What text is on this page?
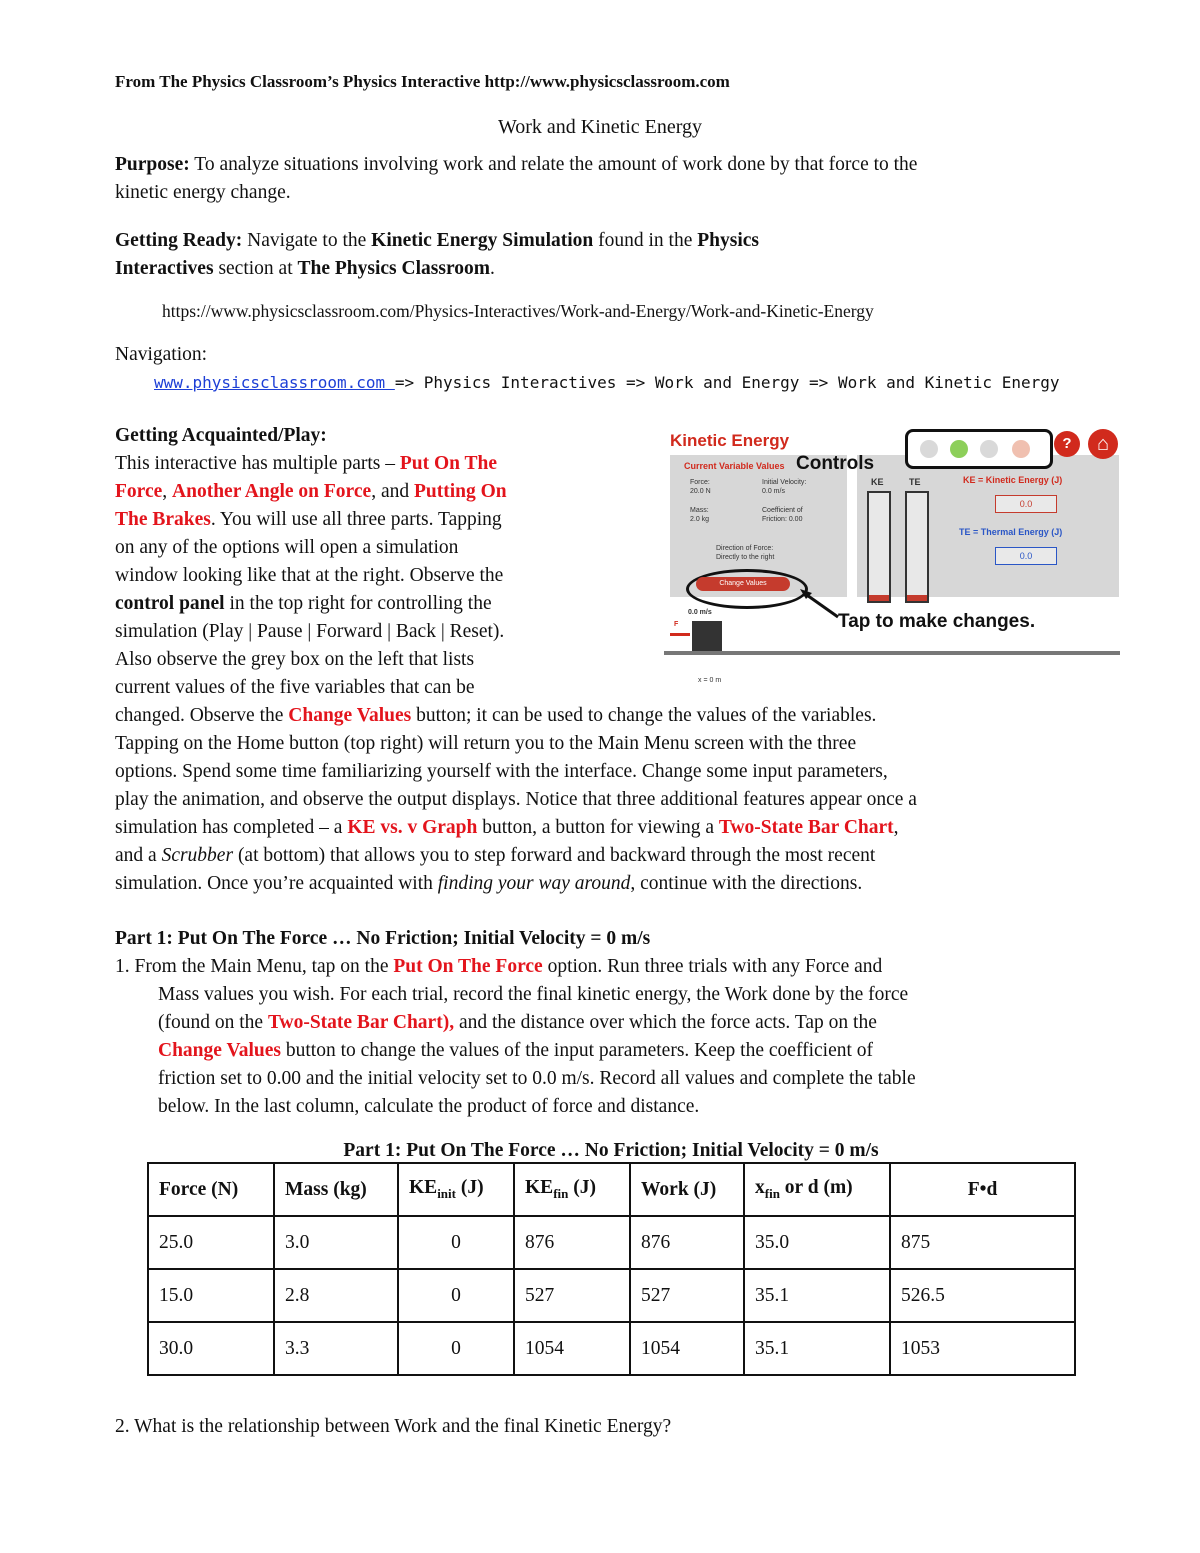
From The Physics Classroom’s Physics Interactive http://www.physicsclassroom.com
Work and Kinetic Energy
Purpose: To analyze situations involving work and relate the amount of work done by that force to the
kinetic energy change.
Getting Ready: Navigate to the Kinetic Energy Simulation found in the Physics
Interactives section at The Physics Classroom.
https://www.physicsclassroom.com/Physics-Interactives/Work-and-Energy/Work-and-Kinetic-Energy
Navigation:
www.physicsclassroom.com => Physics Interactives => Work and Energy => Work and Kinetic Energy
Getting Acquainted/Play:
This interactive has multiple parts – Put On The
Force, Another Angle on Force, and Putting On
The Brakes. You will use all three parts. Tapping
on any of the options will open a simulation
window looking like that at the right. Observe the
control panel in the top right for controlling the
simulation (Play | Pause | Forward | Back | Reset).
Also observe the grey box on the left that lists
current values of the five variables that can be
changed. Observe the Change Values button; it can be used to change the values of the variables.
Tapping on the Home button (top right) will return you to the Main Menu screen with the three
options. Spend some time familiarizing yourself with the interface. Change some input parameters,
play the animation, and observe the output displays. Notice that three additional features appear once a
simulation has completed – a KE vs. v Graph button, a button for viewing a Two-State Bar Chart,
and a Scrubber (at bottom) that allows you to step forward and backward through the most recent
simulation. Once you’re acquainted with finding your way around, continue with the directions.
Kinetic Energy
Current Variable Values
Force:
20.0 N
Mass:
2.0 kg
Initial Velocity:
0.0 m/s
Coefficient of
Friction: 0.00
Direction of Force:
Directly to the right
KE	TE	KE = Kinetic Energy (J)
0.0
TE = Thermal Energy (J)
0.0
?	⌂
Controls
Change Values
Tap to make changes.
0.0 m/s
F
x = 0 m
Part 1: Put On The Force … No Friction; Initial Velocity = 0 m/s
1. From the Main Menu, tap on the Put On The Force option. Run three trials with any Force and
Mass values you wish. For each trial, record the final kinetic energy, the Work done by the force
(found on the Two-State Bar Chart), and the distance over which the force acts. Tap on the
Change Values button to change the values of the input parameters. Keep the coefficient of
friction set to 0.00 and the initial velocity set to 0.0 m/s. Record all values and complete the table
below. In the last column, calculate the product of force and distance.
Part 1: Put On The Force … No Friction; Initial Velocity = 0 m/s
Force (N)	Mass (kg)	$KE_{init}$ (J)	$KE_{fin}$ (J)	Work (J)	$x_{fin}$ or d (m)	F•d
25.0	3.0	0	876	876	35.0	875
15.0	2.8	0	527	527	35.1	526.5
30.0	3.3	0	1054	1054	35.1	1053
2. What is the relationship between Work and the final Kinetic Energy?
